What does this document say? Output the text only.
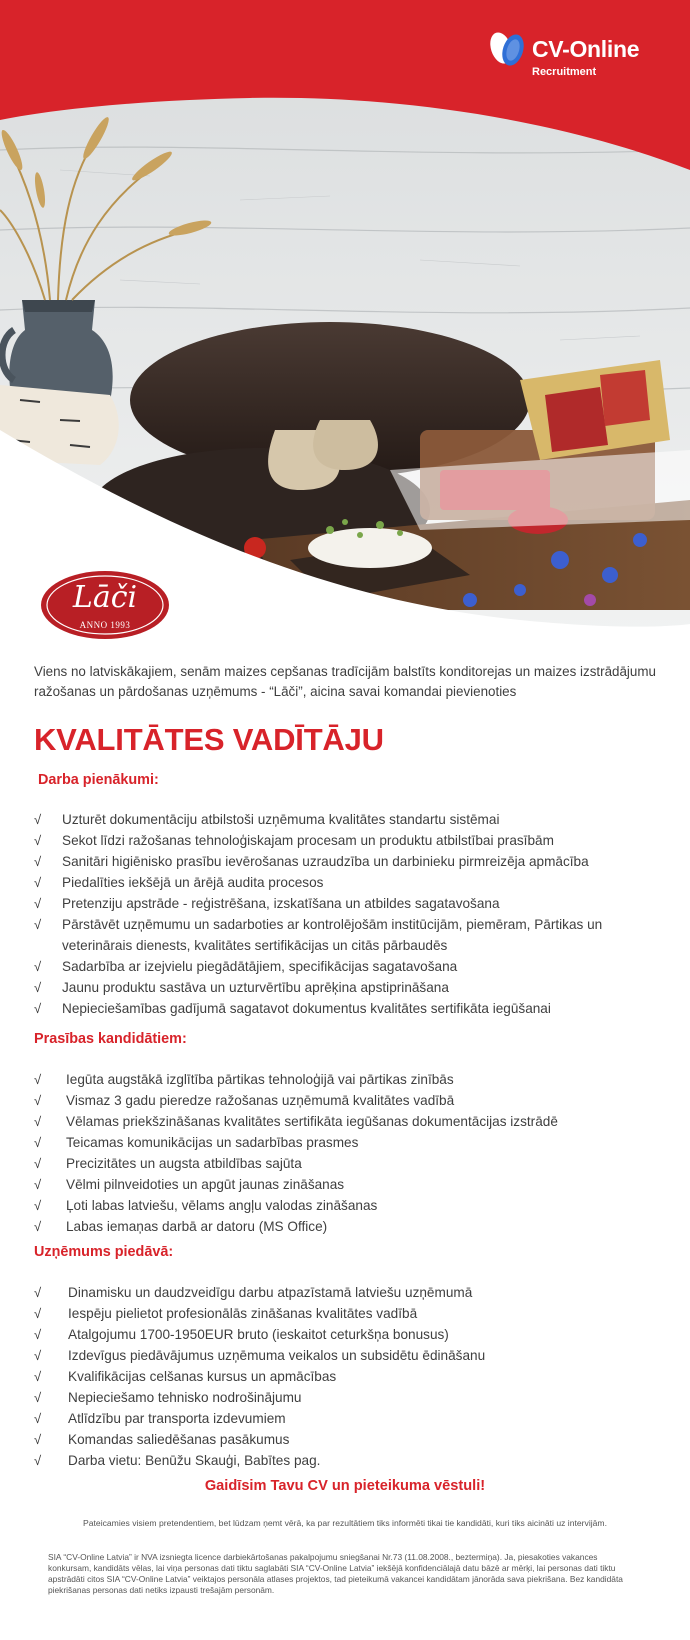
CV-Online
Recruitment
Lāči
ANNO 1993

Viens no latviskākajiem, senām maizes cepšanas tradīcijām balstīts konditorejas un maizes izstrādājumu ražošanas un pārdošanas uzņēmums - “Lāči”, aicina savai komandai pievienoties

KVALITĀTES VADĪTĀJU
Darba pienākumi:
√ Uzturēt dokumentāciju atbilstoši uzņēmuma kvalitātes standartu sistēmai
√ Sekot līdzi ražošanas tehnoloģiskajam procesam un produktu atbilstībai prasībām
√ Sanitāri higiēnisko prasību ievērošanas uzraudzība un darbinieku pirmreizēja apmācība
√ Piedalīties iekšējā un ārējā audita procesos
√ Pretenziju apstrāde - reģistrēšana, izskatīšana un atbildes sagatavošana
√ Pārstāvēt uzņēmumu un sadarboties ar kontrolējošām institūcijām, piemēram, Pārtikas un veterinārais dienests, kvalitātes sertifikācijas un citās pārbaudēs
√ Sadarbība ar izejvielu piegādātājiem, specifikācijas sagatavošana
√ Jaunu produktu sastāva un uzturvērtību aprēķina apstiprināšana
√ Nepieciešamības gadījumā sagatavot dokumentus kvalitātes sertifikāta iegūšanai
Prasības kandidātiem:
√ Iegūta augstākā izglītība pārtikas tehnoloģijā vai pārtikas zinībās
√ Vismaz 3 gadu pieredze ražošanas uzņēmumā kvalitātes vadībā
√ Vēlamas priekšzināšanas kvalitātes sertifikāta iegūšanas dokumentācijas izstrādē
√ Teicamas komunikācijas un sadarbības prasmes
√ Precizitātes un augsta atbildības sajūta
√ Vēlmi pilnveidoties un apgūt jaunas zināšanas
√ Ļoti labas latviešu, vēlams angļu valodas zināšanas
√ Labas iemaņas darbā ar datoru (MS Office)
Uzņēmums piedāvā:
√ Dinamisku un daudzveidīgu darbu atpazīstamā latviešu uzņēmumā
√ Iespēju pielietot profesionālās zināšanas kvalitātes vadībā
√ Atalgojumu 1700-1950EUR bruto (ieskaitot ceturkšņa bonusus)
√ Izdevīgus piedāvājumus uzņēmuma veikalos un subsidētu ēdināšanu
√ Kvalifikācijas celšanas kursus un apmācības
√ Nepieciešamo tehnisko nodrošinājumu
√ Atlīdzību par transporta izdevumiem
√ Komandas saliedēšanas pasākumus
√ Darba vietu: Benūžu Skauģi, Babītes pag.
Gaidīsim Tavu CV un pieteikuma vēstuli!
Pateicamies visiem pretendentiem, bet lūdzam ņemt vērā, ka par rezultātiem tiks informēti tikai tie kandidāti, kuri tiks aicināti uz intervijām.

SIA “CV-Online Latvia” ir NVA izsniegta licence darbiekārtošanas pakalpojumu sniegšanai Nr.73 (11.08.2008., beztermiņa). Ja, piesakoties vakances konkursam, kandidāts vēlas, lai viņa personas dati tiktu saglabāti SIA “CV-Online Latvia” iekšējā konfidenciālajā datu bāzē ar mērķi, lai personas dati tiktu apstrādāti citos SIA “CV-Online Latvia” veiktajos personāla atlases projektos, tad pieteikumā vakancei kandidātam jānorāda sava piekrišana. Bez kandidāta piekrišanas personas dati netiks izpausti trešajām personām.
